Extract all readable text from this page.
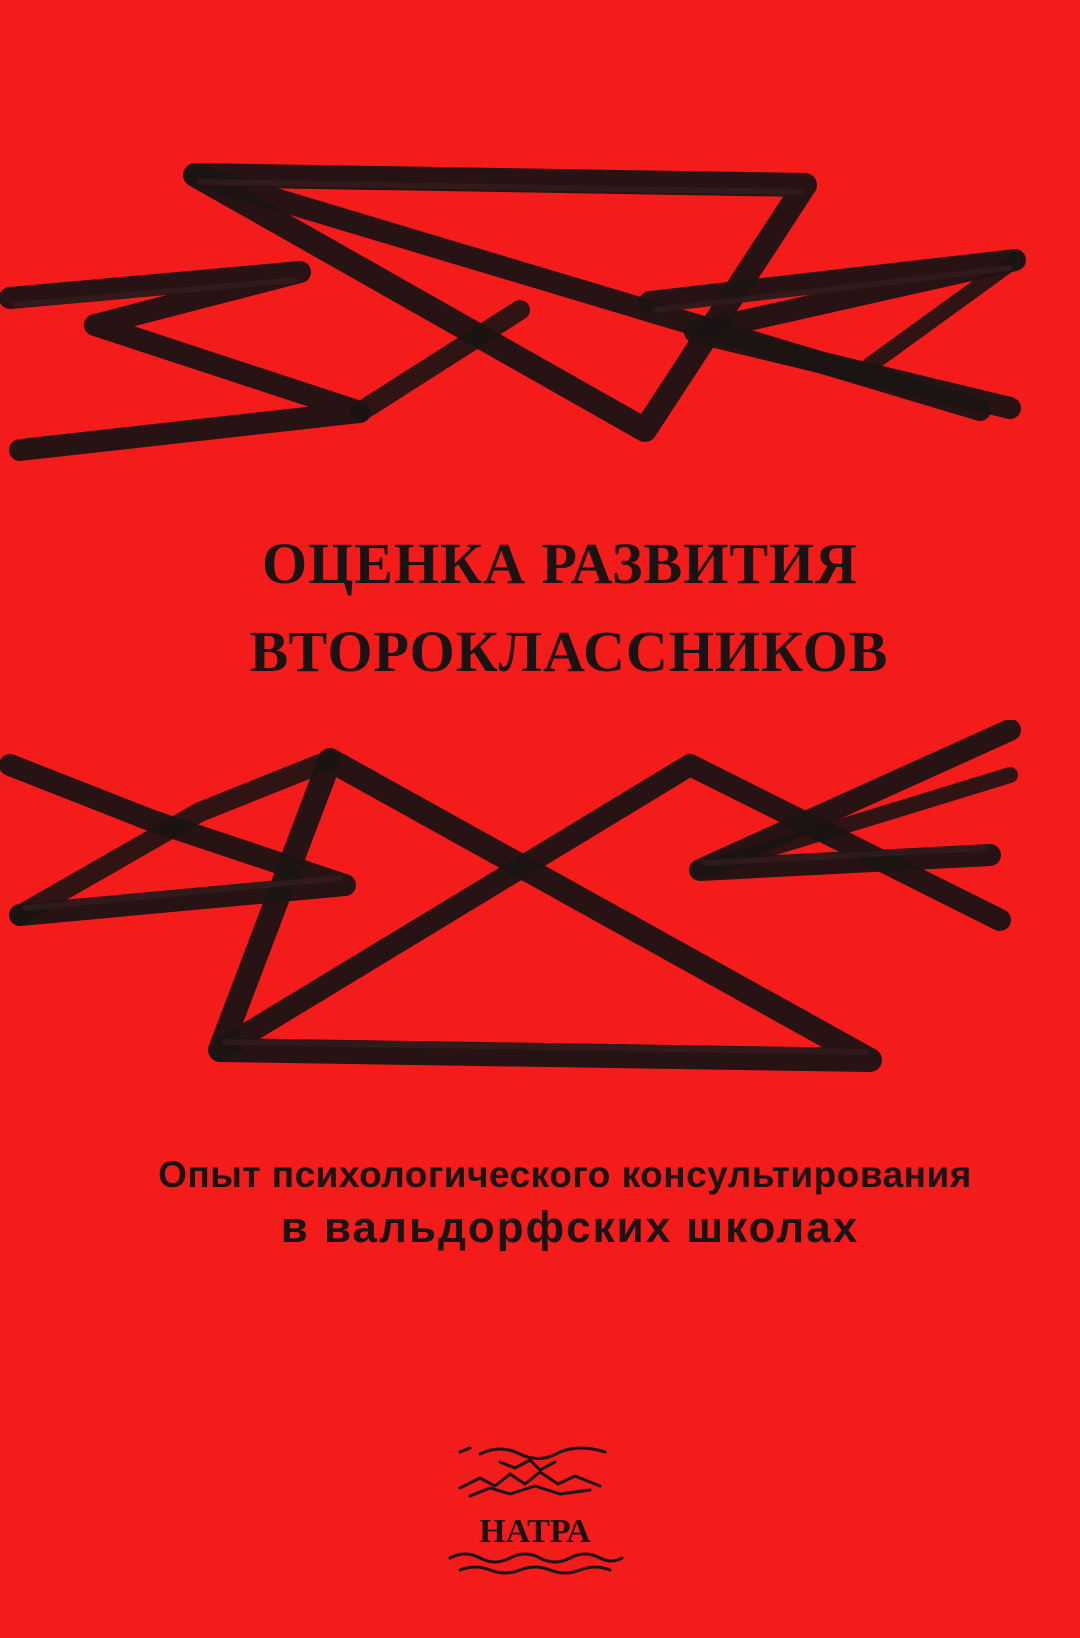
ОЦЕНКА РАЗВИТИЯ
ВТОРОКЛАССНИКОВ
Опыт психологического консультирования
в вальдорфских школах
НАТРА
